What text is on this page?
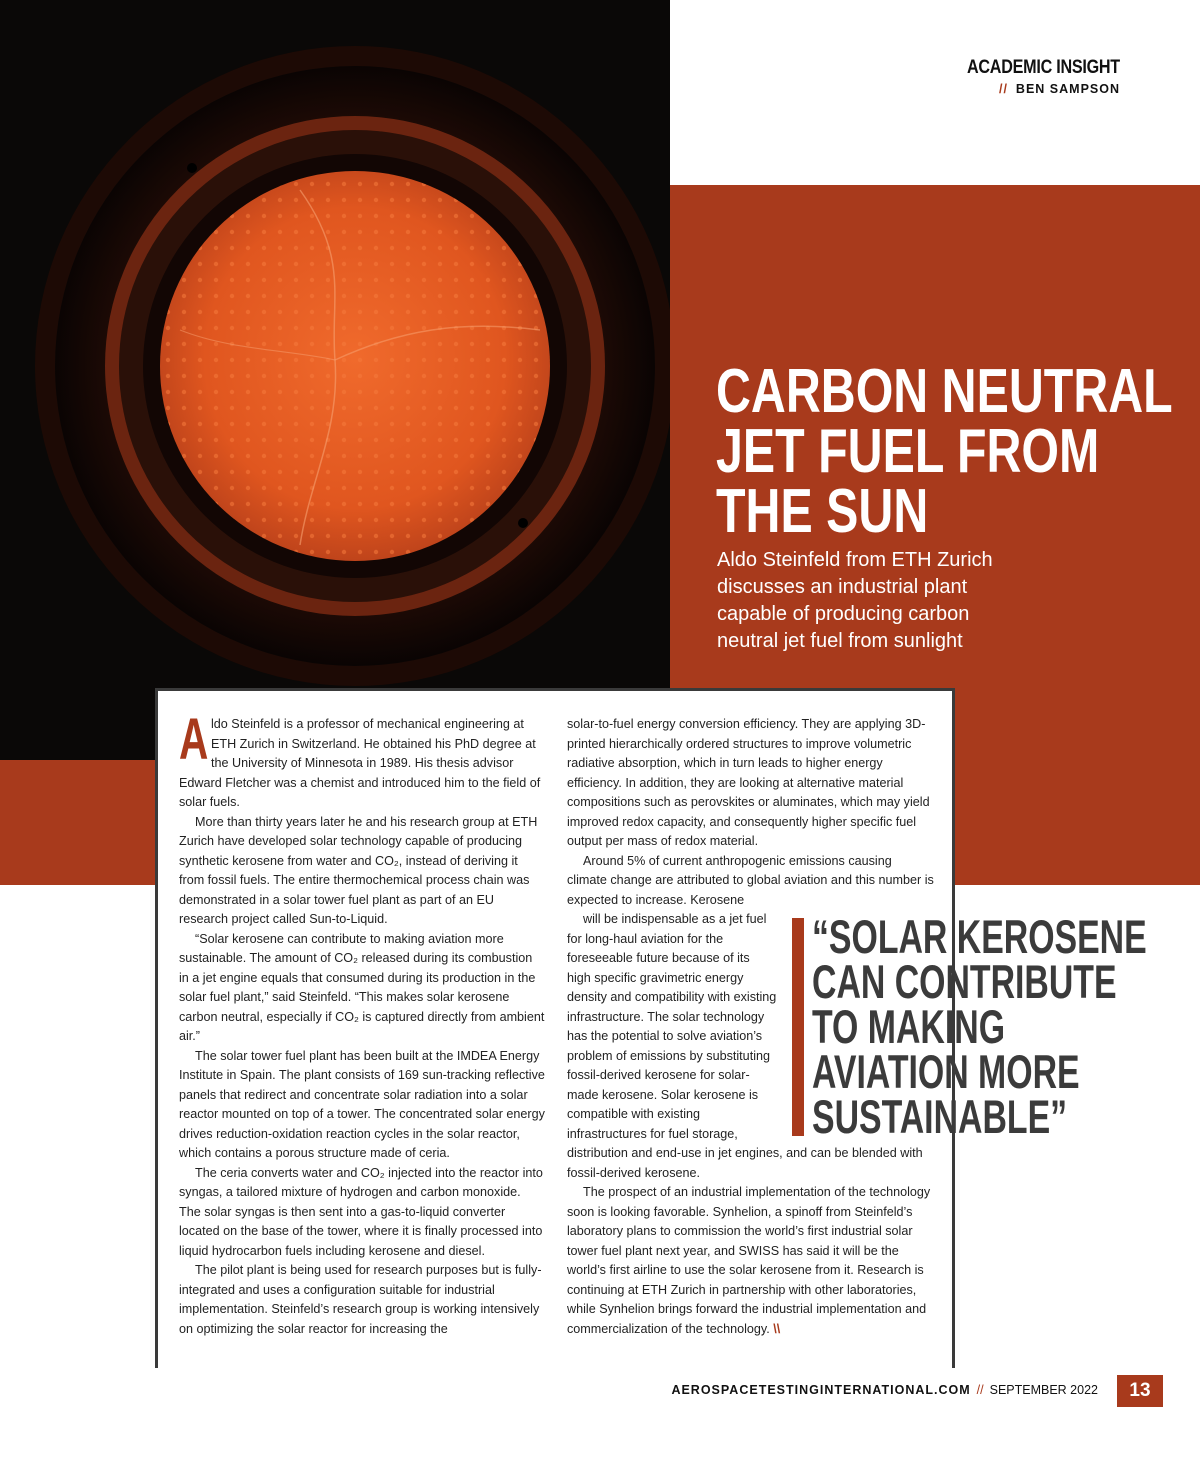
ACADEMIC INSIGHT
// BEN SAMPSON
CARBON NEUTRAL
JET FUEL FROM
THE SUN
Aldo Steinfeld from ETH Zurich
discusses an industrial plant
capable of producing carbon
neutral jet fuel from sunlight

Aldo Steinfeld is a professor of mechanical engineering at ETH Zurich in Switzerland. He obtained his PhD degree at the University of Minnesota in 1989. His thesis advisor Edward Fletcher was a chemist and introduced him to the field of solar fuels.

More than thirty years later he and his research group at ETH Zurich have developed solar technology capable of producing synthetic kerosene from water and CO₂, instead of deriving it from fossil fuels. The entire thermochemical process chain was demonstrated in a solar tower fuel plant as part of an EU research project called Sun-to-Liquid.

“Solar kerosene can contribute to making aviation more sustainable. The amount of CO₂ released during its combustion in a jet engine equals that consumed during its production in the solar fuel plant,” said Steinfeld. “This makes solar kerosene carbon neutral, especially if CO₂ is captured directly from ambient air.”

The solar tower fuel plant has been built at the IMDEA Energy Institute in Spain. The plant consists of 169 sun-tracking reflective panels that redirect and concentrate solar radiation into a solar reactor mounted on top of a tower. The concentrated solar energy drives reduction-oxidation reaction cycles in the solar reactor, which contains a porous structure made of ceria.

The ceria converts water and CO₂ injected into the reactor into syngas, a tailored mixture of hydrogen and carbon monoxide. The solar syngas is then sent into a gas-to-liquid converter located on the base of the tower, where it is finally processed into liquid hydrocarbon fuels including kerosene and diesel.

The pilot plant is being used for research purposes but is fully-integrated and uses a configuration suitable for industrial implementation. Steinfeld’s research group is working intensively on optimizing the solar reactor for increasing the

solar-to-fuel energy conversion efficiency. They are applying 3D-printed hierarchically ordered structures to improve volumetric radiative absorption, which in turn leads to higher energy efficiency. In addition, they are looking at alternative material compositions such as perovskites or aluminates, which may yield improved redox capacity, and consequently higher specific fuel output per mass of redox material.

Around 5% of current anthropogenic emissions causing climate change are attributed to global aviation and this number is expected to increase. Kerosene
will be indispensable as a jet fuel for long-haul aviation for the foreseeable future because of its high specific gravimetric energy density and compatibility with existing infrastructure. The solar technology has the potential to solve aviation’s problem of emissions by substituting fossil-derived kerosene for solar-made kerosene. Solar kerosene is compatible with existing infrastructures for fuel storage,
distribution and end-use in jet engines, and can be blended with fossil-derived kerosene.

The prospect of an industrial implementation of the technology soon is looking favorable. Synhelion, a spinoff from Steinfeld’s laboratory plans to commission the world’s first industrial solar tower fuel plant next year, and SWISS has said it will be the world’s first airline to use the solar kerosene from it. Research is continuing at ETH Zurich in partnership with other laboratories, while Synhelion brings forward the industrial implementation and commercialization of the technology. \\

“SOLAR KEROSENE
CAN CONTRIBUTE
TO MAKING
AVIATION MORE
SUSTAINABLE”
AEROSPACETESTINGINTERNATIONAL.COM // SEPTEMBER 2022	13
